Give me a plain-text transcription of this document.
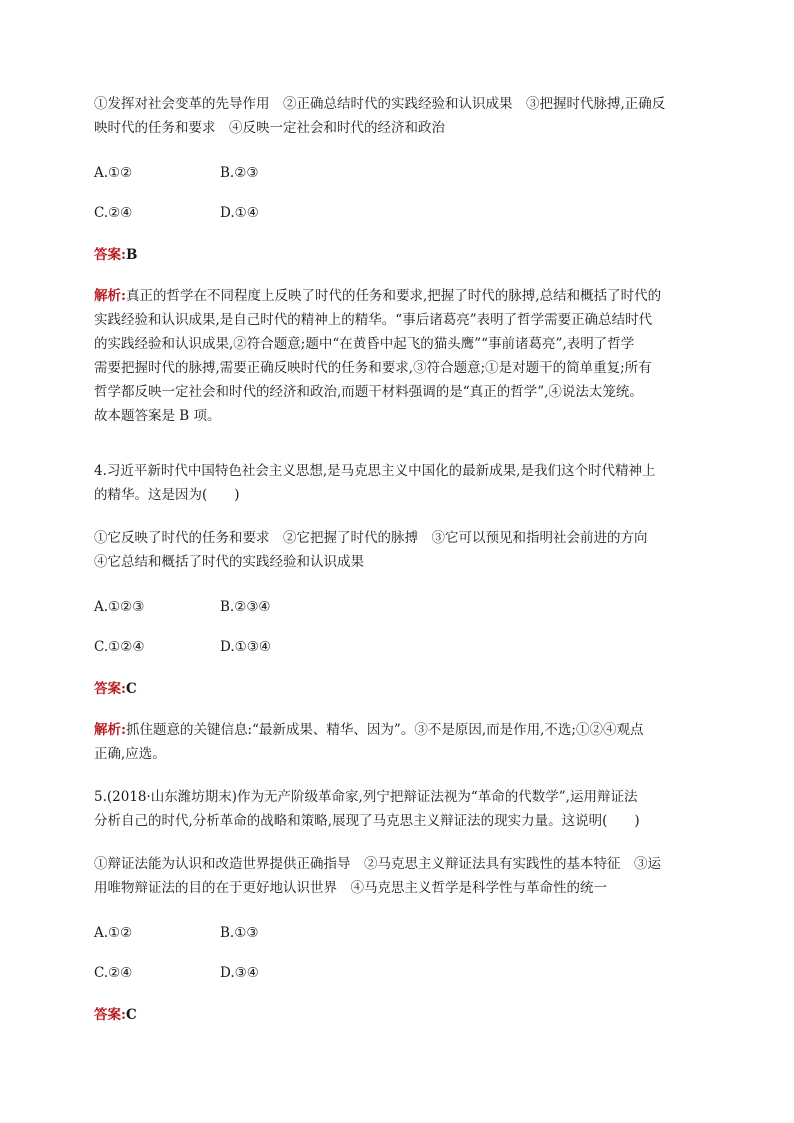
①发挥对社会变革的先导作用　②正确总结时代的实践经验和认识成果　③把握时代脉搏,正确反
映时代的任务和要求　④反映一定社会和时代的经济和政治
A.①②	B.②③
C.②④	D.①④
答案:B
解析:真正的哲学在不同程度上反映了时代的任务和要求,把握了时代的脉搏,总结和概括了时代的
实践经验和认识成果,是自己时代的精神上的精华。“事后诸葛亮”表明了哲学需要正确总结时代
的实践经验和认识成果,②符合题意;题中“在黄昏中起飞的猫头鹰”“事前诸葛亮”,表明了哲学
需要把握时代的脉搏,需要正确反映时代的任务和要求,③符合题意;①是对题干的简单重复;所有
哲学都反映一定社会和时代的经济和政治,而题干材料强调的是“真正的哲学”,④说法太笼统。
故本题答案是 B 项。
4.习近平新时代中国特色社会主义思想,是马克思主义中国化的最新成果,是我们这个时代精神上
的精华。这是因为(　　)
①它反映了时代的任务和要求　②它把握了时代的脉搏　③它可以预见和指明社会前进的方向
④它总结和概括了时代的实践经验和认识成果
A.①②③	B.②③④
C.①②④	D.①③④
答案:C
解析:抓住题意的关键信息:“最新成果、精华、因为”。③不是原因,而是作用,不选;①②④观点
正确,应选。
5.(2018·山东潍坊期末)作为无产阶级革命家,列宁把辩证法视为“革命的代数学”,运用辩证法
分析自己的时代,分析革命的战略和策略,展现了马克思主义辩证法的现实力量。这说明(　　)
①辩证法能为认识和改造世界提供正确指导　②马克思主义辩证法具有实践性的基本特征　③运
用唯物辩证法的目的在于更好地认识世界　④马克思主义哲学是科学性与革命性的统一
A.①②	B.①③
C.②④	D.③④
答案:C
